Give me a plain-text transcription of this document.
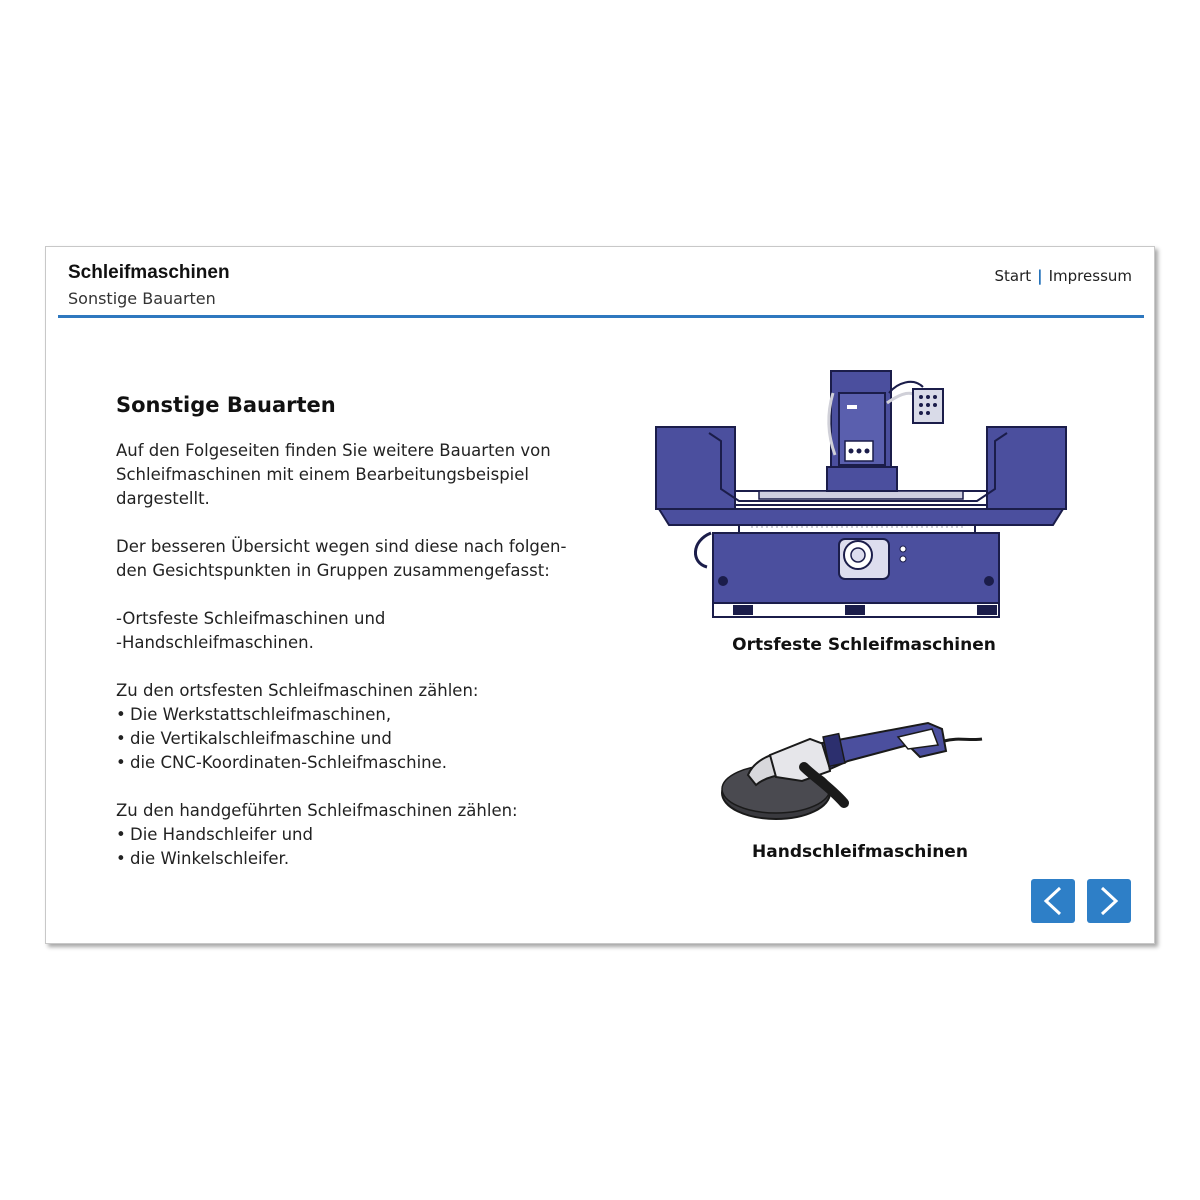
Schleifmaschinen
Sonstige Bauarten
Start | Impressum
Sonstige Bauarten

Auf den Folgeseiten finden Sie weitere Bauarten von
Schleifmaschinen mit einem Bearbeitungsbeispiel
dargestellt.

Der besseren Übersicht wegen sind diese nach folgen-
den Gesichtspunkten in Gruppen zusammengefasst:

-Ortsfeste Schleifmaschinen und
-Handschleifmaschinen.

Zu den ortsfesten Schleifmaschinen zählen:
• Die Werkstattschleifmaschinen,
• die Vertikalschleifmaschine und
• die CNC-Koordinaten-Schleifmaschine.
Zu den handgeführten Schleifmaschinen zählen:
• Die Handschleifer und
• die Winkelschleifer.
Ortsfeste Schleifmaschinen
Handschleifmaschinen
